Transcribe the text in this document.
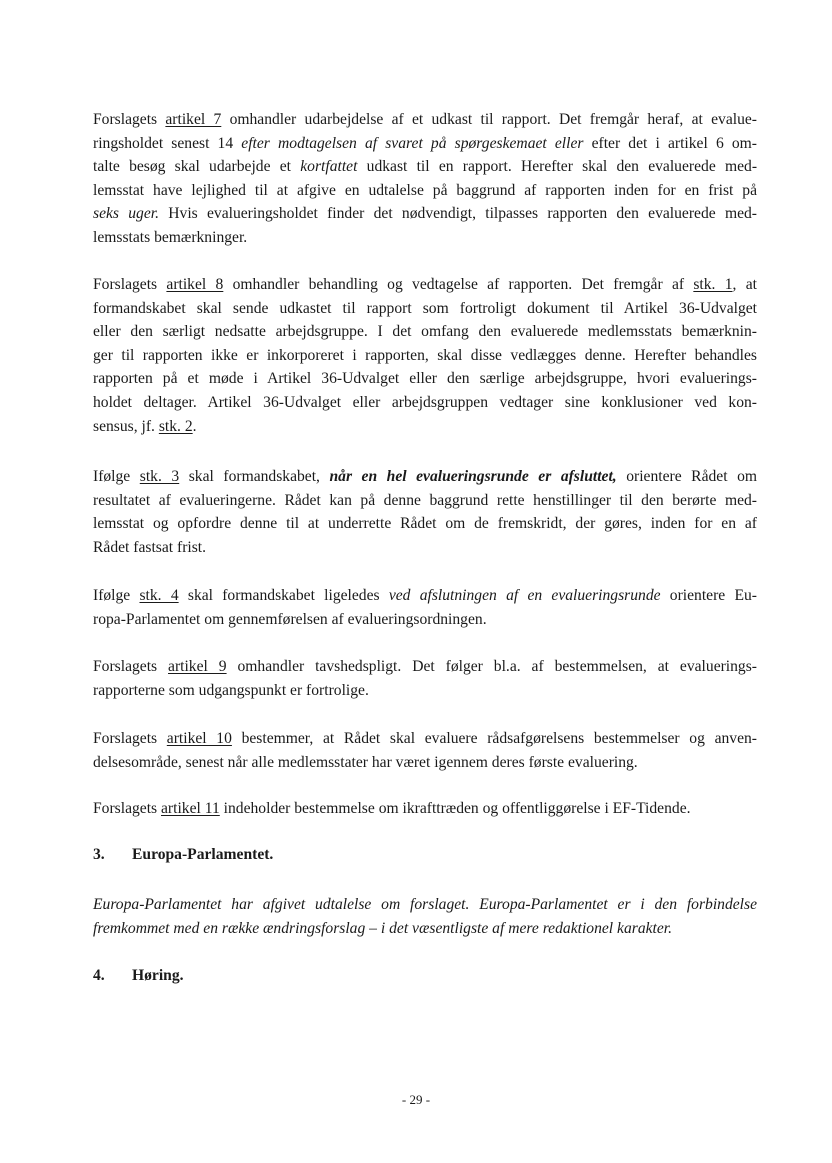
Forslagets artikel 7 omhandler udarbejdelse af et udkast til rapport. Det fremgår heraf, at evalue-
ringsholdet senest 14 efter modtagelsen af svaret på spørgeskemaet eller efter det i artikel 6 om-
talte besøg skal udarbejde et kortfattet udkast til en rapport. Herefter skal den evaluerede med-
lemsstat have lejlighed til at afgive en udtalelse på baggrund af rapporten inden for en frist på
seks uger. Hvis evalueringsholdet finder det nødvendigt, tilpasses rapporten den evaluerede med-
lemsstats bemærkninger.
Forslagets artikel 8 omhandler behandling og vedtagelse af rapporten. Det fremgår af stk. 1, at
formandskabet skal sende udkastet til rapport som fortroligt dokument til Artikel 36-Udvalget
eller den særligt nedsatte arbejdsgruppe. I det omfang den evaluerede medlemsstats bemærknin-
ger til rapporten ikke er inkorporeret i rapporten, skal disse vedlægges denne. Herefter behandles
rapporten på et møde i Artikel 36-Udvalget eller den særlige arbejdsgruppe, hvori evaluerings-
holdet deltager. Artikel 36-Udvalget eller arbejdsgruppen vedtager sine konklusioner ved kon-
sensus, jf. stk. 2.
Ifølge stk. 3 skal formandskabet, når en hel evalueringsrunde er afsluttet, orientere Rådet om
resultatet af evalueringerne. Rådet kan på denne baggrund rette henstillinger til den berørte med-
lemsstat og opfordre denne til at underrette Rådet om de fremskridt, der gøres, inden for en af
Rådet fastsat frist.
Ifølge stk. 4 skal formandskabet ligeledes ved afslutningen af en evalueringsrunde orientere Eu-
ropa-Parlamentet om gennemførelsen af evalueringsordningen.
Forslagets artikel 9 omhandler tavshedspligt. Det følger bl.a. af bestemmelsen, at evaluerings-
rapporterne som udgangspunkt er fortrolige.
Forslagets artikel 10 bestemmer, at Rådet skal evaluere rådsafgørelsens bestemmelser og anven-
delsesområde, senest når alle medlemsstater har været igennem deres første evaluering.
Forslagets artikel 11 indeholder bestemmelse om ikrafttræden og offentliggørelse i EF-Tidende.
3. Europa-Parlamentet.
Europa-Parlamentet har afgivet udtalelse om forslaget. Europa-Parlamentet er i den forbindelse
fremkommet med en række ændringsforslag – i det væsentligste af mere redaktionel karakter.
4. Høring.
- 29 -
